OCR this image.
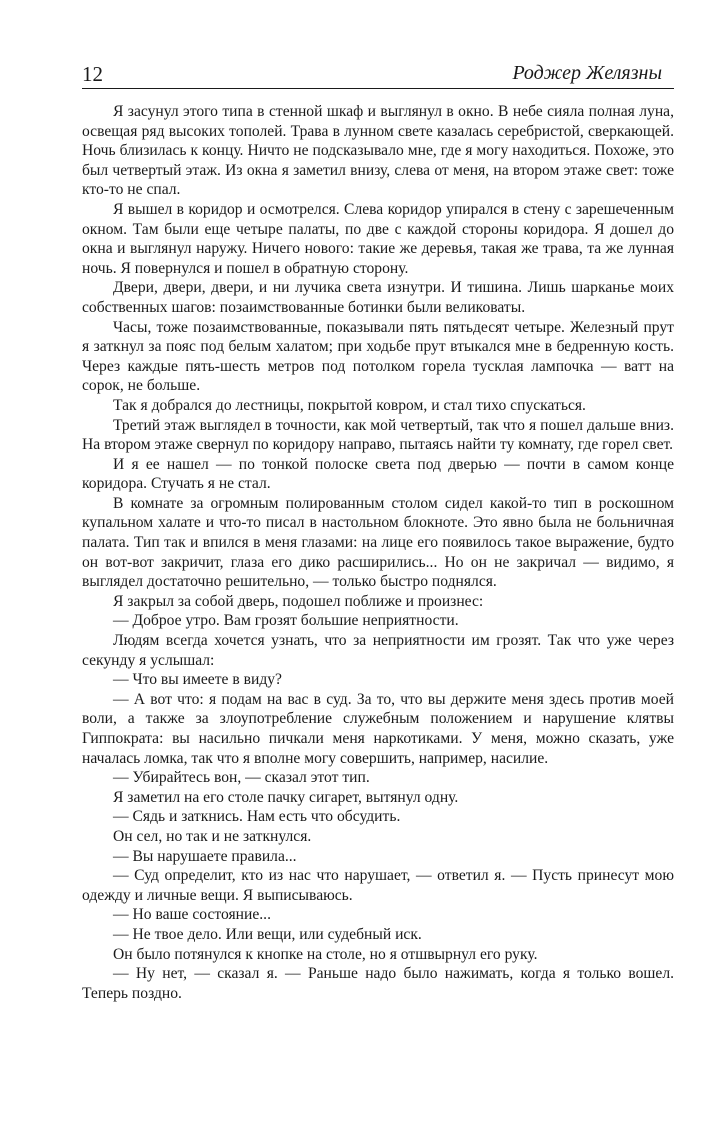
12	Роджер Желязны

Я засунул этого типа в стенной шкаф и выглянул в окно. В небе сияла полная луна, освещая ряд высоких тополей. Трава в лунном свете казалась серебристой, сверкающей. Ночь близилась к концу. Ничто не подсказывало мне, где я могу находиться. Похоже, это был четвертый этаж. Из окна я заметил внизу, слева от меня, на втором этаже свет: тоже кто-то не спал.

Я вышел в коридор и осмотрелся. Слева коридор упирался в стену с зарешеченным окном. Там были еще четыре палаты, по две с каждой стороны коридора. Я дошел до окна и выглянул наружу. Ничего нового: такие же деревья, такая же трава, та же лунная ночь. Я повернулся и пошел в обратную сторону.

Двери, двери, двери, и ни лучика света изнутри. И тишина. Лишь шарканье моих собственных шагов: позаимствованные ботинки были великоваты.

Часы, тоже позаимствованные, показывали пять пятьдесят четыре. Железный прут я заткнул за пояс под белым халатом; при ходьбе прут втыкался мне в бедренную кость. Через каждые пять-шесть метров под потолком горела тусклая лампочка — ватт на сорок, не больше.

Так я добрался до лестницы, покрытой ковром, и стал тихо спускаться.

Третий этаж выглядел в точности, как мой четвертый, так что я пошел дальше вниз. На втором этаже свернул по коридору направо, пытаясь найти ту комнату, где горел свет.

И я ее нашел — по тонкой полоске света под дверью — почти в самом конце коридора. Стучать я не стал.

В комнате за огромным полированным столом сидел какой-то тип в роскошном купальном халате и что-то писал в настольном блокноте. Это явно была не больничная палата. Тип так и впился в меня глазами: на лице его появилось такое выражение, будто он вот-вот закричит, глаза его дико расширились... Но он не закричал — видимо, я выглядел достаточно решительно, — только быстро поднялся.

Я закрыл за собой дверь, подошел поближе и произнес:

— Доброе утро. Вам грозят большие неприятности.

Людям всегда хочется узнать, что за неприятности им грозят. Так что уже через секунду я услышал:

— Что вы имеете в виду?

— А вот что: я подам на вас в суд. За то, что вы держите меня здесь против моей воли, а также за злоупотребление служебным положением и нарушение клятвы Гиппократа: вы насильно пичкали меня наркотиками. У меня, можно сказать, уже началась ломка, так что я вполне могу совершить, например, насилие.

— Убирайтесь вон, — сказал этот тип.

Я заметил на его столе пачку сигарет, вытянул одну.

— Сядь и заткнись. Нам есть что обсудить.

Он сел, но так и не заткнулся.

— Вы нарушаете правила...

— Суд определит, кто из нас что нарушает, — ответил я. — Пусть принесут мою одежду и личные вещи. Я выписываюсь.

— Но ваше состояние...

— Не твое дело. Или вещи, или судебный иск.

Он было потянулся к кнопке на столе, но я отшвырнул его руку.

— Ну нет, — сказал я. — Раньше надо было нажимать, когда я только вошел. Теперь поздно.
